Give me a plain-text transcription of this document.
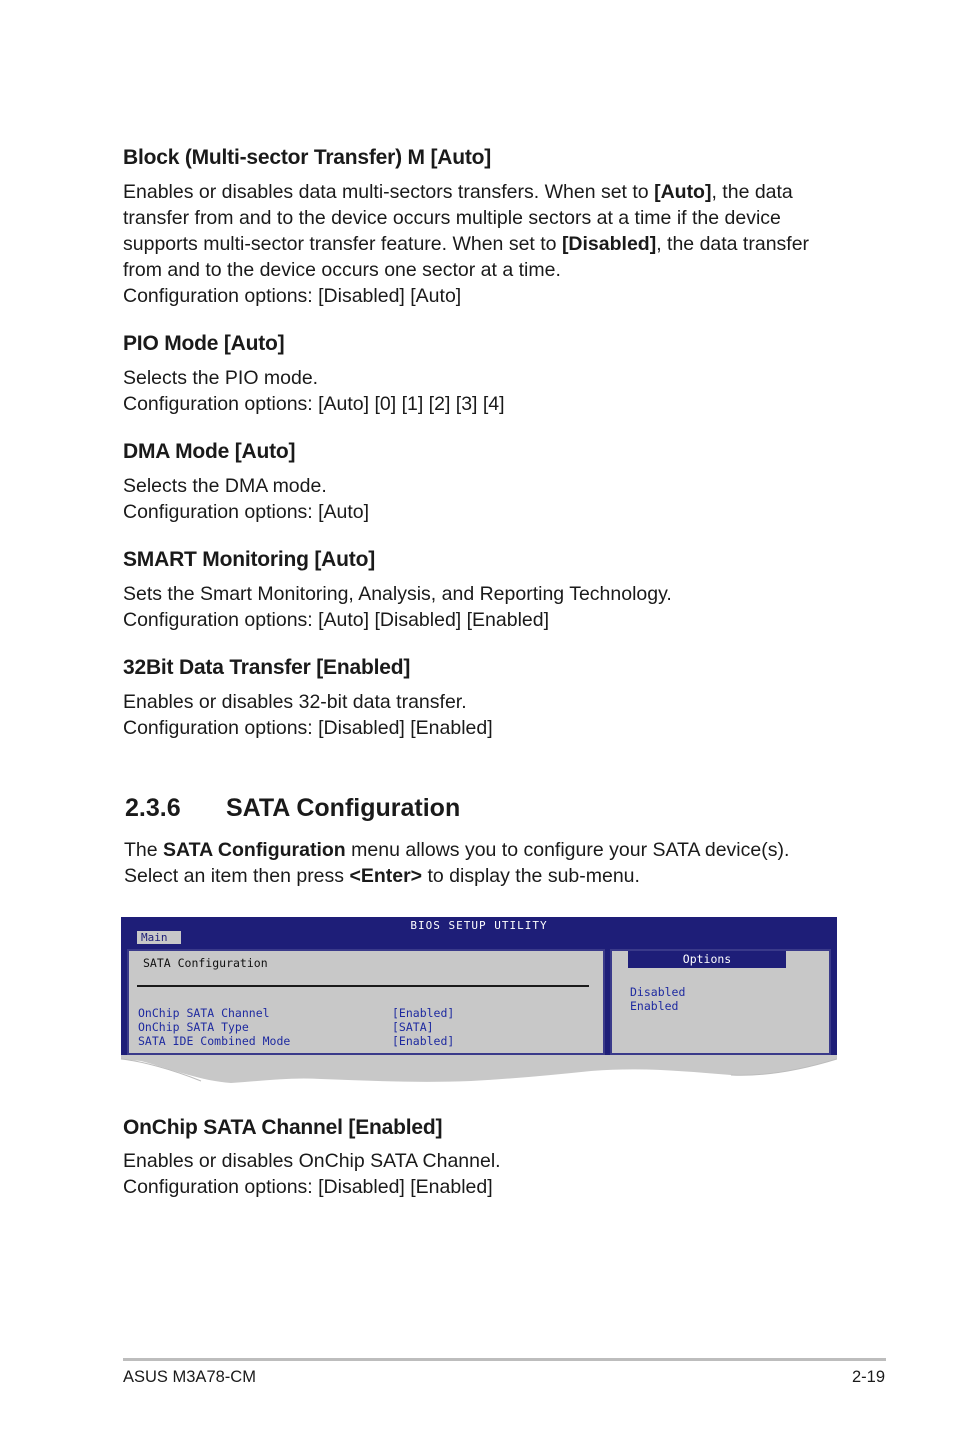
Block (Multi-sector Transfer) M [Auto]
Enables or disables data multi-sectors transfers. When set to [Auto], the data
transfer from and to the device occurs multiple sectors at a time if the device
supports multi-sector transfer feature. When set to [Disabled], the data transfer
from and to the device occurs one sector at a time.
Configuration options: [Disabled] [Auto]
PIO Mode [Auto]
Selects the PIO mode.
Configuration options: [Auto] [0] [1] [2] [3] [4]
DMA Mode [Auto]
Selects the DMA mode.
Configuration options: [Auto]
SMART Monitoring [Auto]
Sets the Smart Monitoring, Analysis, and Reporting Technology.
Configuration options: [Auto] [Disabled] [Enabled]
32Bit Data Transfer [Enabled]
Enables or disables 32-bit data transfer.
Configuration options: [Disabled] [Enabled]
2.3.6 SATA Configuration
The SATA Configuration menu allows you to configure your SATA device(s).
Select an item then press <Enter> to display the sub-menu.
BIOS SETUP UTILITY
Main
SATA Configuration
OnChip SATA Channel	[Enabled]
OnChip SATA Type	[SATA]
SATA IDE Combined Mode	[Enabled]
Options
Disabled
Enabled
OnChip SATA Channel [Enabled]
Enables or disables OnChip SATA Channel.
Configuration options: [Disabled] [Enabled]
ASUS M3A78-CM	2-19
